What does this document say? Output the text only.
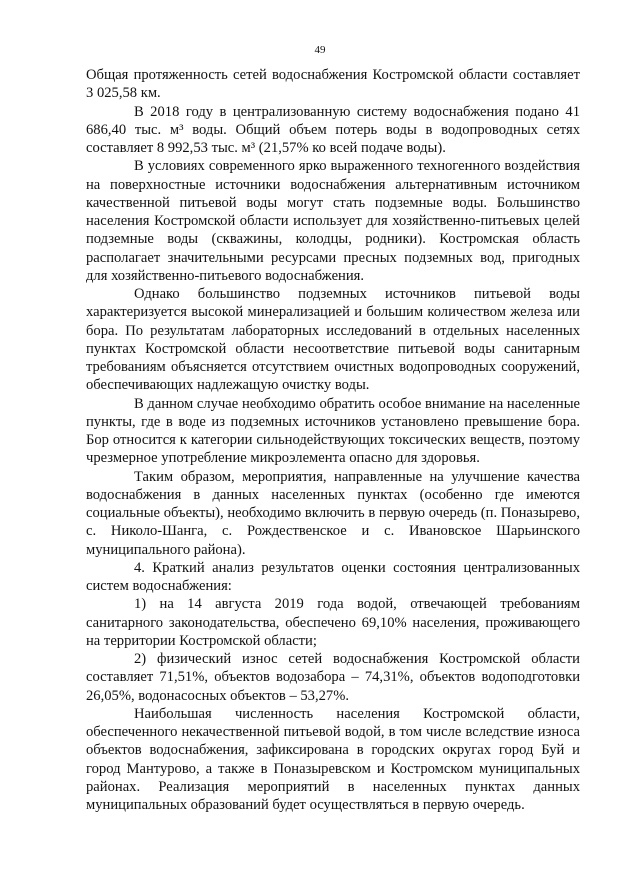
49

Общая протяженность сетей водоснабжения Костромской области составляет 3 025,58 км.

В 2018 году в централизованную систему водоснабжения подано 41 686,40 тыс. м³ воды. Общий объем потерь воды в водопроводных сетях составляет 8 992,53 тыс. м³ (21,57% ко всей подаче воды).

В условиях современного ярко выраженного техногенного воздействия на поверхностные источники водоснабжения альтернативным источником качественной питьевой воды могут стать подземные воды. Большинство населения Костромской области использует для хозяйственно-питьевых целей подземные воды (скважины, колодцы, родники). Костромская область располагает значительными ресурсами пресных подземных вод, пригодных для хозяйственно-питьевого водоснабжения.

Однако большинство подземных источников питьевой воды характеризуется высокой минерализацией и большим количеством железа или бора. По результатам лабораторных исследований в отдельных населенных пунктах Костромской области несоответствие питьевой воды санитарным требованиям объясняется отсутствием очистных водопроводных сооружений, обеспечивающих надлежащую очистку воды.

В данном случае необходимо обратить особое внимание на населенные пункты, где в воде из подземных источников установлено превышение бора. Бор относится к категории сильнодействующих токсических веществ, поэтому чрезмерное употребление микроэлемента опасно для здоровья.

Таким образом, мероприятия, направленные на улучшение качества водоснабжения в данных населенных пунктах (особенно где имеются социальные объекты), необходимо включить в первую очередь (п. Поназырево, с. Николо-Шанга, с. Рождественское и с. Ивановское Шарьинского муниципального района).

4. Краткий анализ результатов оценки состояния централизованных систем водоснабжения:

1) на 14 августа 2019 года водой, отвечающей требованиям санитарного законодательства, обеспечено 69,10% населения, проживающего на территории Костромской области;

2) физический износ сетей водоснабжения Костромской области составляет 71,51%, объектов водозабора – 74,31%, объектов водоподготовки 26,05%, водонасосных объектов – 53,27%.

Наибольшая численность населения Костромской области, обеспеченного некачественной питьевой водой, в том числе вследствие износа объектов водоснабжения, зафиксирована в городских округах город Буй и город Мантурово, а также в Поназыревском и Костромском муниципальных районах. Реализация мероприятий в населенных пунктах данных муниципальных образований будет осуществляться в первую очередь.
